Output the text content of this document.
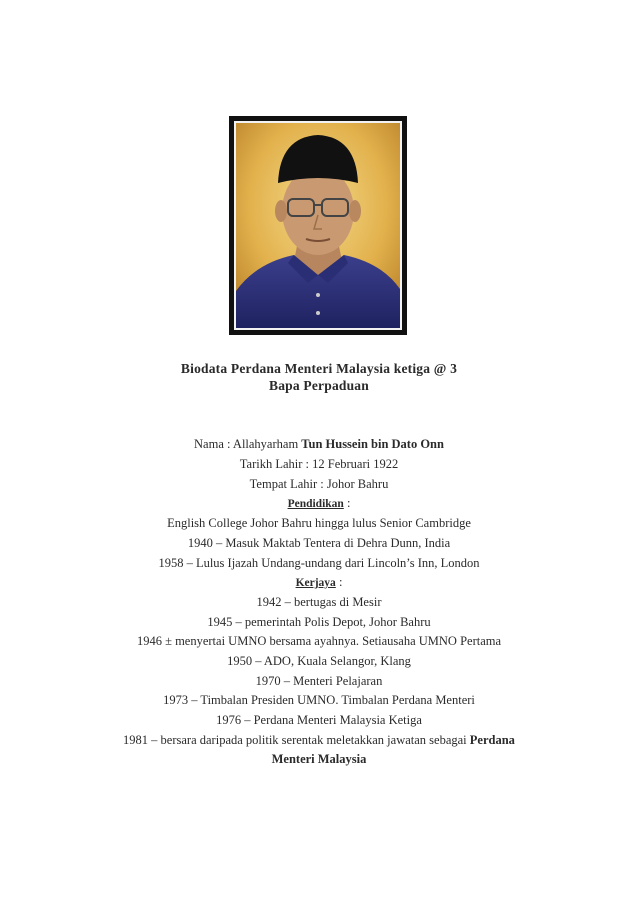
Biodata Perdana Menteri Malaysia ketiga @ 3
Bapa Perpaduan
Nama : Allahyarham Tun Hussein bin Dato Onn
Tarikh Lahir : 12 Februari 1922
Tempat Lahir : Johor Bahru
Pendidikan :
English College Johor Bahru hingga lulus Senior Cambridge
1940 – Masuk Maktab Tentera di Dehra Dunn, India
1958 – Lulus Ijazah Undang-undang dari Lincoln’s Inn, London
Kerjaya :
1942 – bertugas di Mesir
1945 – pemerintah Polis Depot, Johor Bahru
1946 ± menyertai UMNO bersama ayahnya. Setiausaha UMNO Pertama
1950 – ADO, Kuala Selangor, Klang
1970 – Menteri Pelajaran
1973 – Timbalan Presiden UMNO. Timbalan Perdana Menteri
1976 – Perdana Menteri Malaysia Ketiga
1981 – bersara daripada politik serentak meletakkan jawatan sebagai Perdana
Menteri Malaysia
